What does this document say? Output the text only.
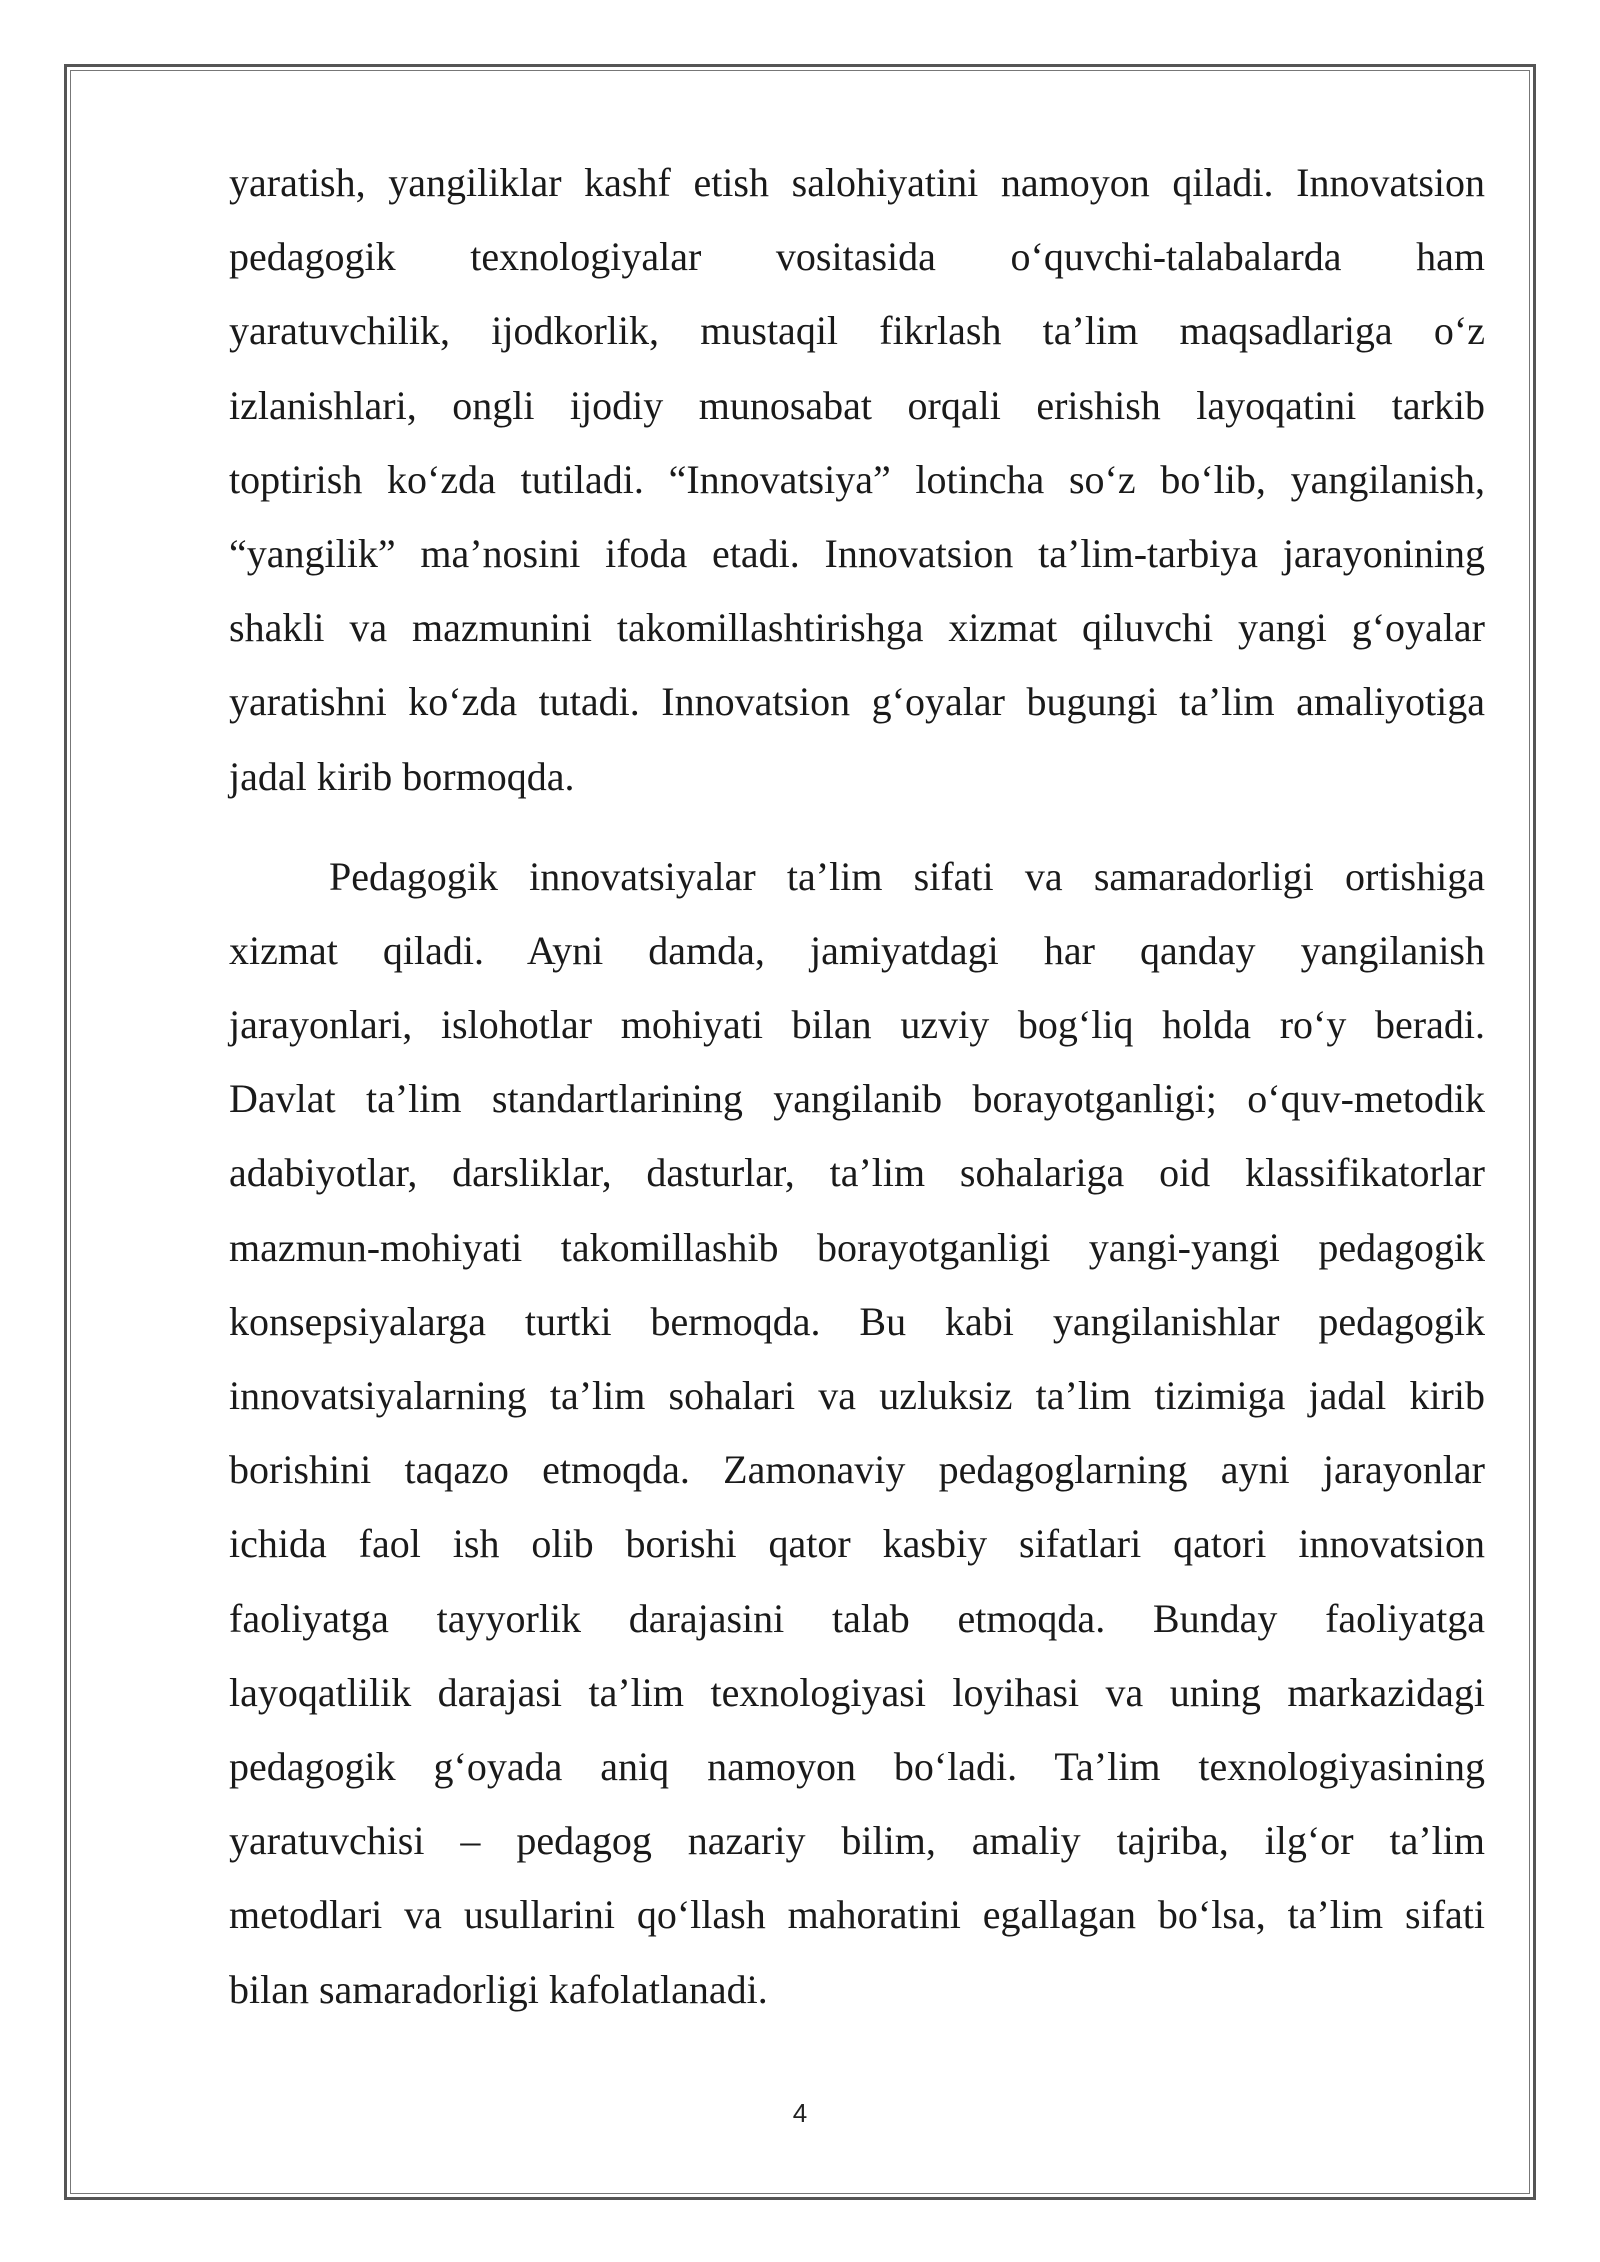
yaratish, yangiliklar kashf etish salohiyatini namoyon qiladi. Innovatsion
pedagogik texnologiyalar vositasida o‘quvchi-talabalarda ham
yaratuvchilik, ijodkorlik, mustaqil fikrlash ta’lim maqsadlariga o‘z
izlanishlari, ongli ijodiy munosabat orqali erishish layoqatini tarkib
toptirish ko‘zda tutiladi. “Innovatsiya” lotincha so‘z bo‘lib, yangilanish,
“yangilik” ma’nosini ifoda etadi. Innovatsion ta’lim-tarbiya jarayonining
shakli va mazmunini takomillashtirishga xizmat qiluvchi yangi g‘oyalar
yaratishni ko‘zda tutadi. Innovatsion g‘oyalar bugungi ta’lim amaliyotiga
jadal kirib bormoqda.
Pedagogik innovatsiyalar ta’lim sifati va samaradorligi ortishiga
xizmat qiladi. Ayni damda, jamiyatdagi har qanday yangilanish
jarayonlari, islohotlar mohiyati bilan uzviy bog‘liq holda ro‘y beradi.
Davlat ta’lim standartlarining yangilanib borayotganligi; o‘quv-metodik
adabiyotlar, darsliklar, dasturlar, ta’lim sohalariga oid klassifikatorlar
mazmun-mohiyati takomillashib borayotganligi yangi-yangi pedagogik
konsepsiyalarga turtki bermoqda. Bu kabi yangilanishlar pedagogik
innovatsiyalarning ta’lim sohalari va uzluksiz ta’lim tizimiga jadal kirib
borishini taqazo etmoqda. Zamonaviy pedagoglarning ayni jarayonlar
ichida faol ish olib borishi qator kasbiy sifatlari qatori innovatsion
faoliyatga tayyorlik darajasini talab etmoqda. Bunday faoliyatga
layoqatlilik darajasi ta’lim texnologiyasi loyihasi va uning markazidagi
pedagogik g‘oyada aniq namoyon bo‘ladi. Ta’lim texnologiyasining
yaratuvchisi – pedagog nazariy bilim, amaliy tajriba, ilg‘or ta’lim
metodlari va usullarini qo‘llash mahoratini egallagan bo‘lsa, ta’lim sifati
bilan samaradorligi kafolatlanadi.
4
